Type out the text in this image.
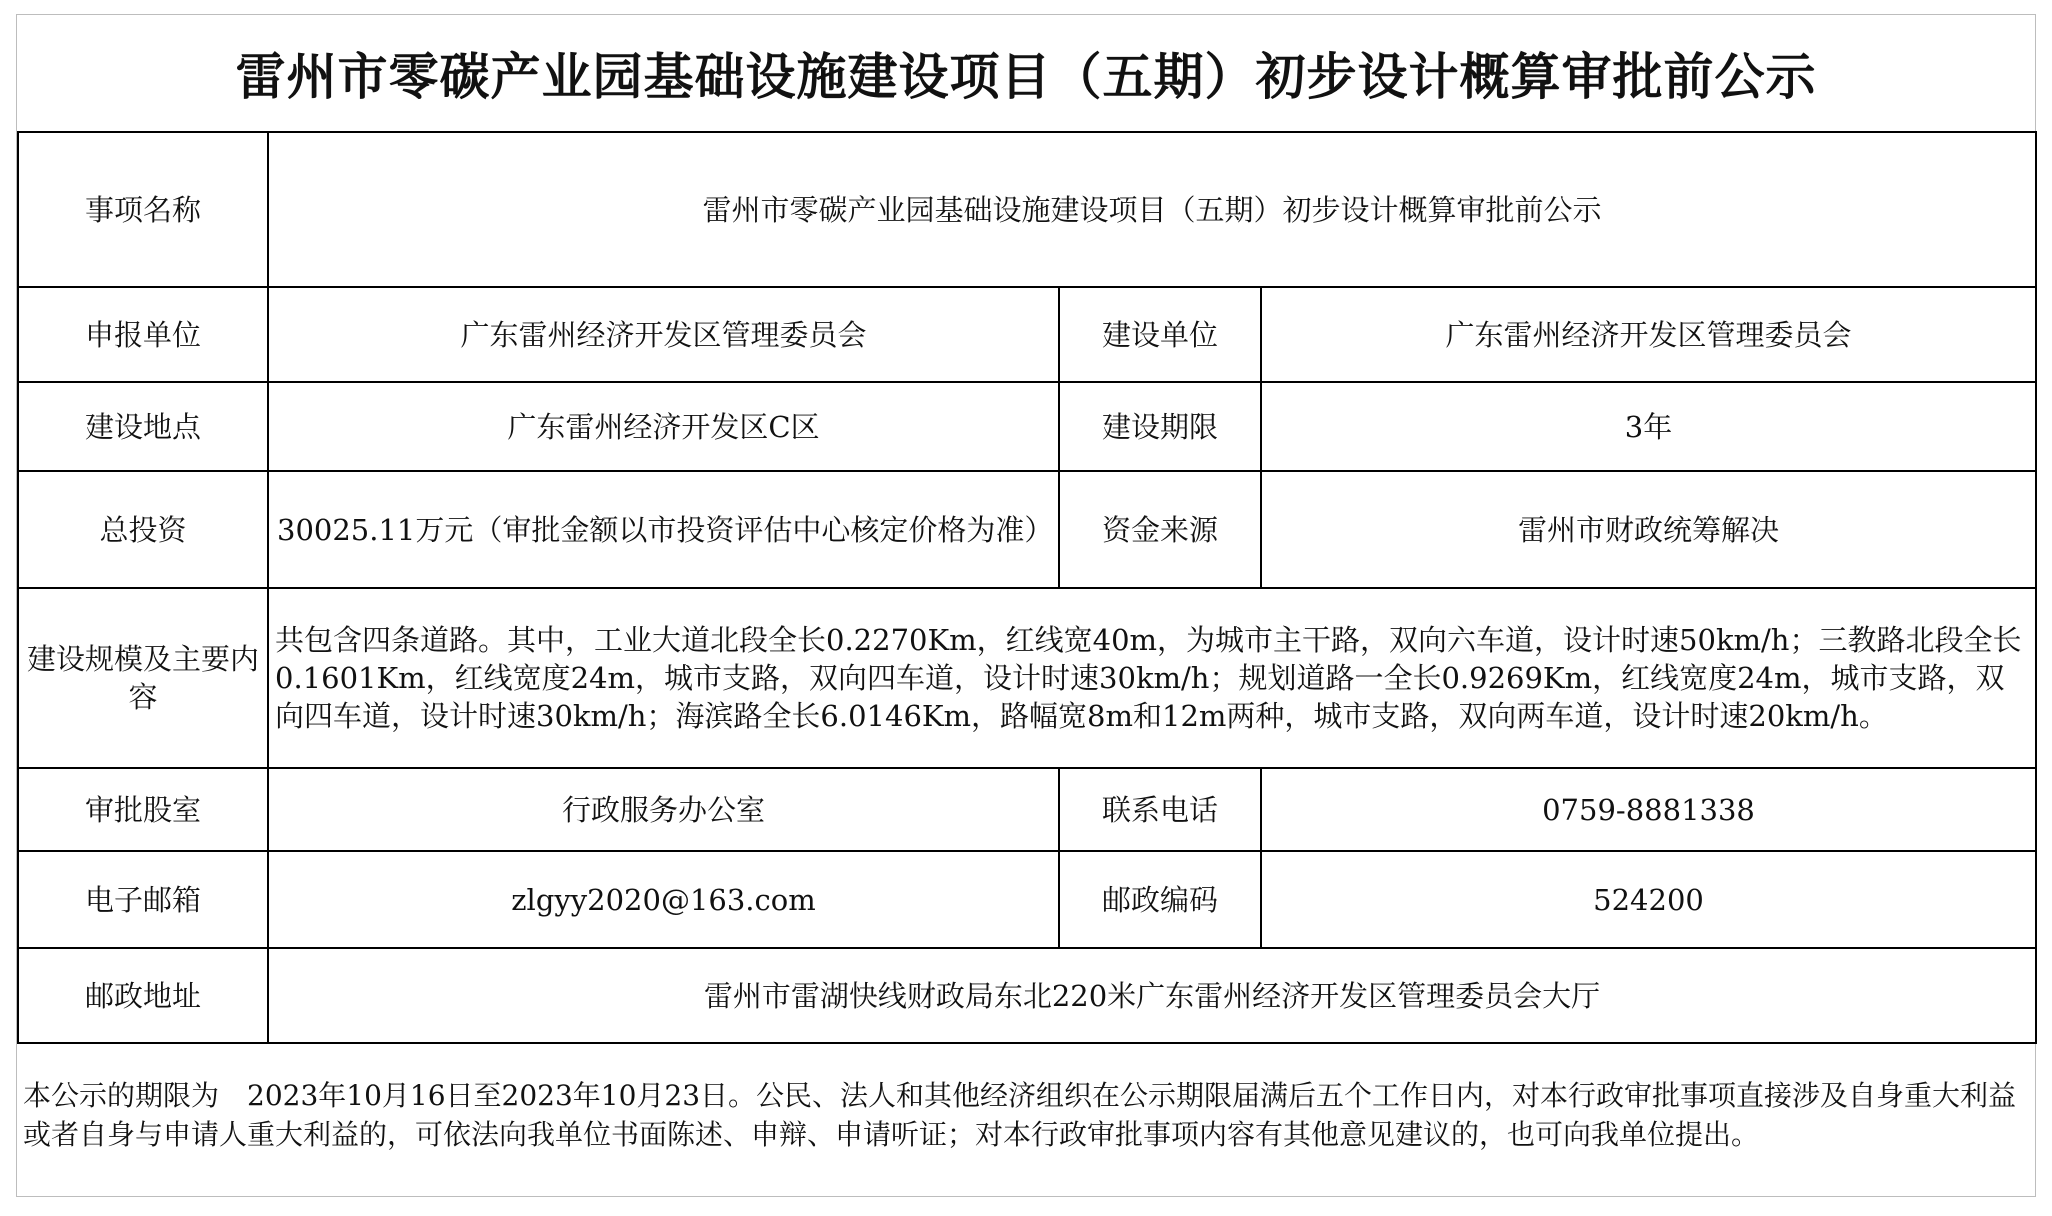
雷州市零碳产业园基础设施建设项目（五期）初步设计概算审批前公示
事项名称	雷州市零碳产业园基础设施建设项目（五期）初步设计概算审批前公示		
申报单位	广东雷州经济开发区管理委员会	建设单位	广东雷州经济开发区管理委员会
建设地点	广东雷州经济开发区C区	建设期限	3年
总投资	30025.11万元（审批金额以市投资评估中心核定价格为准）	资金来源	雷州市财政统筹解决
建设规模及主要内容	共包含四条道路。其中，工业大道北段全长0.2270Km，红线宽40m，为城市主干路，双向六车道，设计时速50km/h；三教路北段全长0.1601Km，红线宽度24m，城市支路，双向四车道，设计时速30km/h；规划道路一全长0.9269Km，红线宽度24m，城市支路，双向四车道，设计时速30km/h；海滨路全长6.0146Km，路幅宽8m和12m两种，城市支路，双向两车道，设计时速20km/h。		
审批股室	行政服务办公室	联系电话	0759-8881338
电子邮箱	zlgyy2020@163.com	邮政编码	524200
邮政地址	雷州市雷湖快线财政局东北220米广东雷州经济开发区管理委员会大厅		
本公示的期限为　2023年10月16日至2023年10月23日。公民、法人和其他经济组织在公示期限届满后五个工作日内，对本行政审批事项直接涉及自身重大利益或者自身与申请人重大利益的，可依法向我单位书面陈述、申辩、申请听证；对本行政审批事项内容有其他意见建议的，也可向我单位提出。
